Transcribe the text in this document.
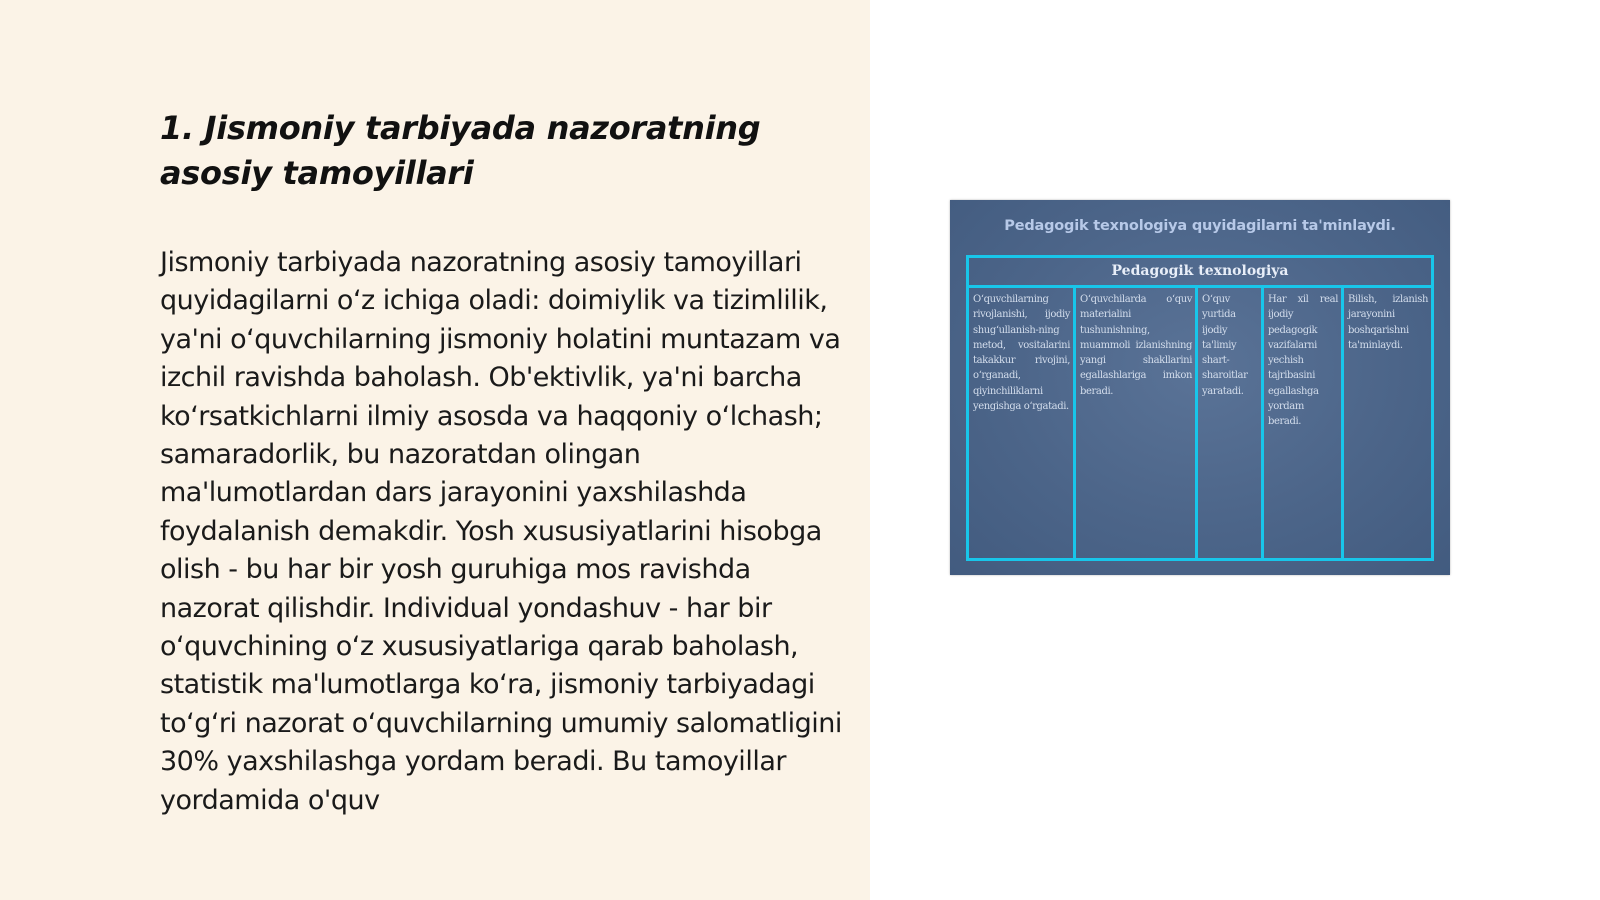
1. Jismoniy tarbiyada nazoratning asosiy tamoyillari

Jismoniy tarbiyada nazoratning asosiy tamoyillari quyidagilarni o‘z ichiga oladi: doimiylik va tizimlilik, ya'ni o‘quvchilarning jismoniy holatini muntazam va izchil ravishda baholash. Ob'ektivlik, ya'ni barcha ko‘rsatkichlarni ilmiy asosda va haqqoniy o‘lchash; samaradorlik, bu nazoratdan olingan ma'lumotlardan dars jarayonini yaxshilashda foydalanish demakdir. Yosh xususiyatlarini hisobga olish - bu har bir yosh guruhiga mos ravishda nazorat qilishdir. Individual yondashuv - har bir o‘quvchining o‘z xususiyatlariga qarab baholash, statistik ma'lumotlarga ko‘ra, jismoniy tarbiyadagi to‘g‘ri nazorat o‘quvchilarning umumiy salomatligini 30% yaxshilashga yordam beradi. Bu tamoyillar yordamida o'quv

Pedagogik texnologiya quyidagilarni ta'minlaydi.
Pedagogik texnologiya
O‘quvchilarning rivojlanishi, ijodiy shug‘ullanish-ning metod, vositalarini takakkur rivojini, o‘rganadi, qiyinchiliklarni yengishga o‘rgatadi.
O‘quvchilarda o‘quv materialini tushunishning, muammoli izlanishning yangi shakllarini egallashlariga imkon beradi.
O‘quv yurtida ijodiy ta'limiy shart-sharoitlar yaratadi.
Har xil real ijodiy pedagogik vazifalarni yechish tajribasini egallashga yordam beradi.
Bilish, izlanish jarayonini boshqarishni ta'minlaydi.
